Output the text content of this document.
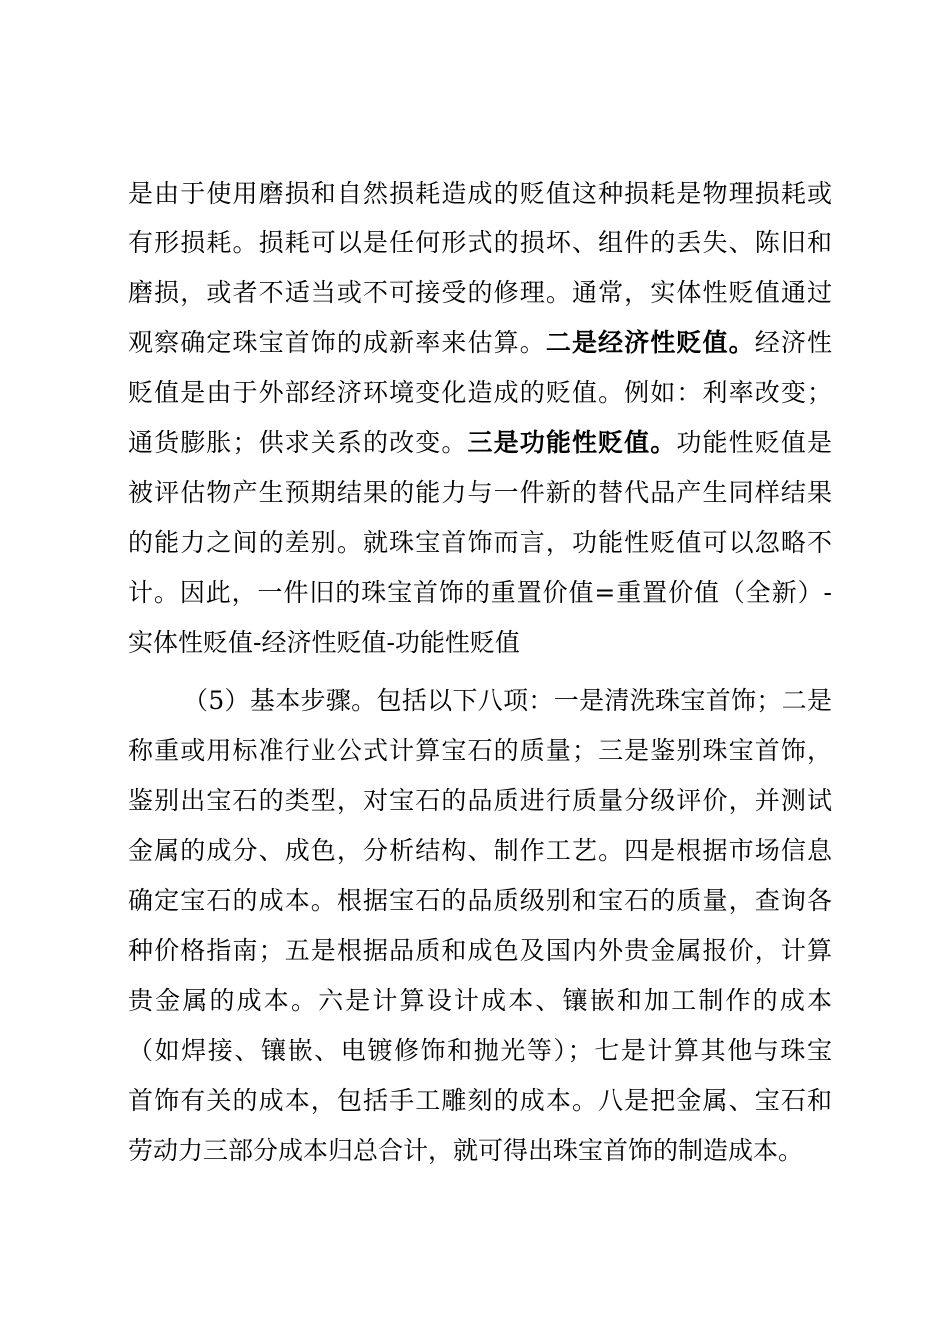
是由于使用磨损和自然损耗造成的贬值这种损耗是物理损耗或
有形损耗。损耗可以是任何形式的损坏、组件的丢失、陈旧和
磨损，或者不适当或不可接受的修理。通常，实体性贬值通过
观察确定珠宝首饰的成新率来估算。二是经济性贬值。经济性
贬值是由于外部经济环境变化造成的贬值。例如：利率改变；
通货膨胀；供求关系的改变。三是功能性贬值。功能性贬值是
被评估物产生预期结果的能力与一件新的替代品产生同样结果
的能力之间的差别。就珠宝首饰而言，功能性贬值可以忽略不
计。因此，一件旧的珠宝首饰的重置价值=重置价值（全新）-
实体性贬值-经济性贬值-功能性贬值
（5）基本步骤。包括以下八项：一是清洗珠宝首饰；二是
称重或用标准行业公式计算宝石的质量；三是鉴别珠宝首饰，
鉴别出宝石的类型，对宝石的品质进行质量分级评价，并测试
金属的成分、成色，分析结构、制作工艺。四是根据市场信息
确定宝石的成本。根据宝石的品质级别和宝石的质量，查询各
种价格指南；五是根据品质和成色及国内外贵金属报价，计算
贵金属的成本。六是计算设计成本、镶嵌和加工制作的成本
（如焊接、镶嵌、电镀修饰和抛光等）；七是计算其他与珠宝
首饰有关的成本，包括手工雕刻的成本。八是把金属、宝石和
劳动力三部分成本归总合计，就可得出珠宝首饰的制造成本。
